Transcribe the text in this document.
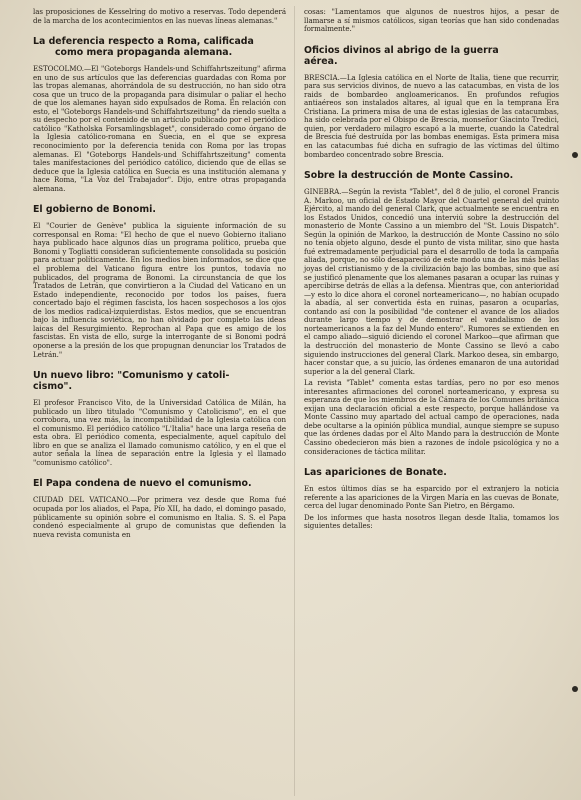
las proposiciones de Kesselring do motivo a reservas. Todo dependerá de la marcha de los acontecimientos en las nuevas líneas alemanas."

La deferencia respecto a Roma, calificada
como mera propaganda alemana.

ESTOCOLMO.—El "Goteborgs Handels-und Schiffahrtszeitung" afirma en uno de sus artículos que las deferencias guardadas con Roma por las tropas alemanas, ahorrándola de su destrucción, no han sido otra cosa que un truco de la propaganda para disimular o paliar el hecho de que los alemanes hayan sido expulsados de Roma. En relación con esto, el "Goteborgs Handels-und Schiffahrtszeitung" da riendo suelta a su despecho por el contenido de un artículo publicado por el periódico católico "Katholska Forsamlingsblaget", considerado como órgano de la Iglesia católico-romana en Suecia, en el que se expresa reconocimiento por la deferencia tenida con Roma por las tropas alemanas. El "Goteborgs Handels-und Schiffahrtszeitung" comenta tales manifestaciones del periódico católico, diciendo que de ellas se deduce que la Iglesia católica en Suecia es una institución alemana y hace Roma, "La Voz del Trabajador". Dijo, entre otras propaganda alemana.

El gobierno de Bonomi.

El "Courier de Genève" publica la siguiente información de su corresponsal en Roma: "El hecho de que el nuevo Gobierno italiano haya publicado hace algunos días un programa político, prueba que Bonomi y Togliatti consideran suficientemente consolidada su posición para actuar políticamente. En los medios bien informados, se dice que el problema del Vaticano figura entre los puntos, todavía no publicados, del programa de Bonomi. La circunstancia de que los Tratados de Letrán, que convirtieron a la Ciudad del Vaticano en un Estado independiente, reconocido por todos los países, fuera concertado bajo el régimen fascista, los hacen sospechosos a los ojos de los medios radical-izquierdistas. Estos medios, que se encuentran bajo la influencia soviética, no han olvidado por completo las ideas laicas del Resurgimiento. Reprochan al Papa que es amigo de los fascistas. En vista de ello, surge la interrogante de si Bonomi podrá oponerse a la presión de los que propugnan denunciar los Tratados de Letrán."

Un nuevo libro: "Comunismo y catoli-
cismo".

El profesor Francisco Vito, de la Universidad Católica de Milán, ha publicado un libro titulado "Comunismo y Catolicismo", en el que corrobora, una vez más, la incompatibilidad de la Iglesia católica con el comunismo. El periódico católico "L'Italia" hace una larga reseña de esta obra. El periódico comenta, especialmente, aquel capítulo del libro en que se analiza el llamado comunismo católico, y en el que el autor señala la línea de separación entre la Iglesia y el llamado "comunismo católico".

El Papa condena de nuevo el comunismo.

CIUDAD DEL VATICANO.—Por primera vez desde que Roma fué ocupada por los aliados, el Papa, Pío XII, ha dado, el domingo pasado, públicamente su opinión sobre el comunismo en Italia. S. S. el Papa condenó especialmente al grupo de comunistas que defienden la nueva revista comunista en

cosas: "Lamentamos que algunos de nuestros hijos, a pesar de llamarse a sí mismos católicos, sigan teorías que han sido condenadas formalmente."

Oficios divinos al abrigo de la guerra
aérea.

BRESCIA.—La Iglesia católica en el Norte de Italia, tiene que recurrir, para sus servicios divinos, de nuevo a las catacumbas, en vista de los raids de bombardeo angloamericanos. En profundos refugios antiaéreos son instalados altares, al igual que en la temprana Era Cristiana. La primera misa de una de estas iglesias de las catacumbas, ha sido celebrada por el Obispo de Brescia, monseñor Giacinto Tredici, quien, por verdadero milagro escapó a la muerte, cuando la Catedral de Brescia fué destruída por las bombas enemigas. Esta primera misa en las catacumbas fué dicha en sufragio de las víctimas del último bombardeo concentrado sobre Brescia.

Sobre la destrucción de Monte Cassino.

GINEBRA.—Según la revista "Tablet", del 8 de julio, el coronel Francis A. Markoo, un oficial de Estado Mayor del Cuartel general del quinto Ejército, al mando del general Clark, que actualmente se encuentra en los Estados Unidos, concedió una interviú sobre la destrucción del monasterio de Monte Cassino a un miembro del "St. Louis Dispatch". Según la opinión de Markoo, la destrucción de Monte Cassino no sólo no tenía objeto alguno, desde el punto de vista militar, sino que hasta fué extremadamente perjudicial para el desarrollo de toda la campaña aliada, porque, no sólo desapareció de este modo una de las más bellas joyas del cristianismo y de la civilización bajo las bombas, sino que así se justificó plenamente que los alemanes pasaran a ocupar las ruinas y apercibirse detrás de ellas a la defensa. Mientras que, con anterioridad—y esto lo dice ahora el coronel norteamericano—, no habían ocupado la abadía, al ser convertida ésta en ruinas, pasaron a ocuparlas, contando así con la posibilidad "de contener el avance de los aliados durante largo tiempo y de demostrar el vandalismo de los norteamericanos a la faz del Mundo entero". Rumores se extienden en el campo aliado—siguió diciendo el coronel Markoo—que afirman que la destrucción del monasterio de Monte Cassino se llevó a cabo siguiendo instrucciones del general Clark. Markoo desea, sin embargo, hacer constar que, a su juicio, las órdenes emanaron de una autoridad superior a la del general Clark.

La revista "Tablet" comenta estas tardías, pero no por eso menos interesantes afirmaciones del coronel norteamericano, y expresa su esperanza de que los miembros de la Cámara de los Comunes británica exijan una declaración oficial a este respecto, porque hallándose va Monte Cassino muy apartado del actual campo de operaciones, nada debe ocultarse a la opinión pública mundial, aunque siempre se supuso que las órdenes dadas por el Alto Mando para la destrucción de Monte Cassino obedecieron más bien a razones de índole psicológica y no a consideraciones de táctica militar.

Las apariciones de Bonate.

En estos últimos días se ha esparcido por el extranjero la noticia referente a las apariciones de la Virgen María en las cuevas de Bonate, cerca del lugar denominado Ponte San Pietro, en Bérgamo.

De los informes que hasta nosotros llegan desde Italia, tomamos los siguientes detalles:
